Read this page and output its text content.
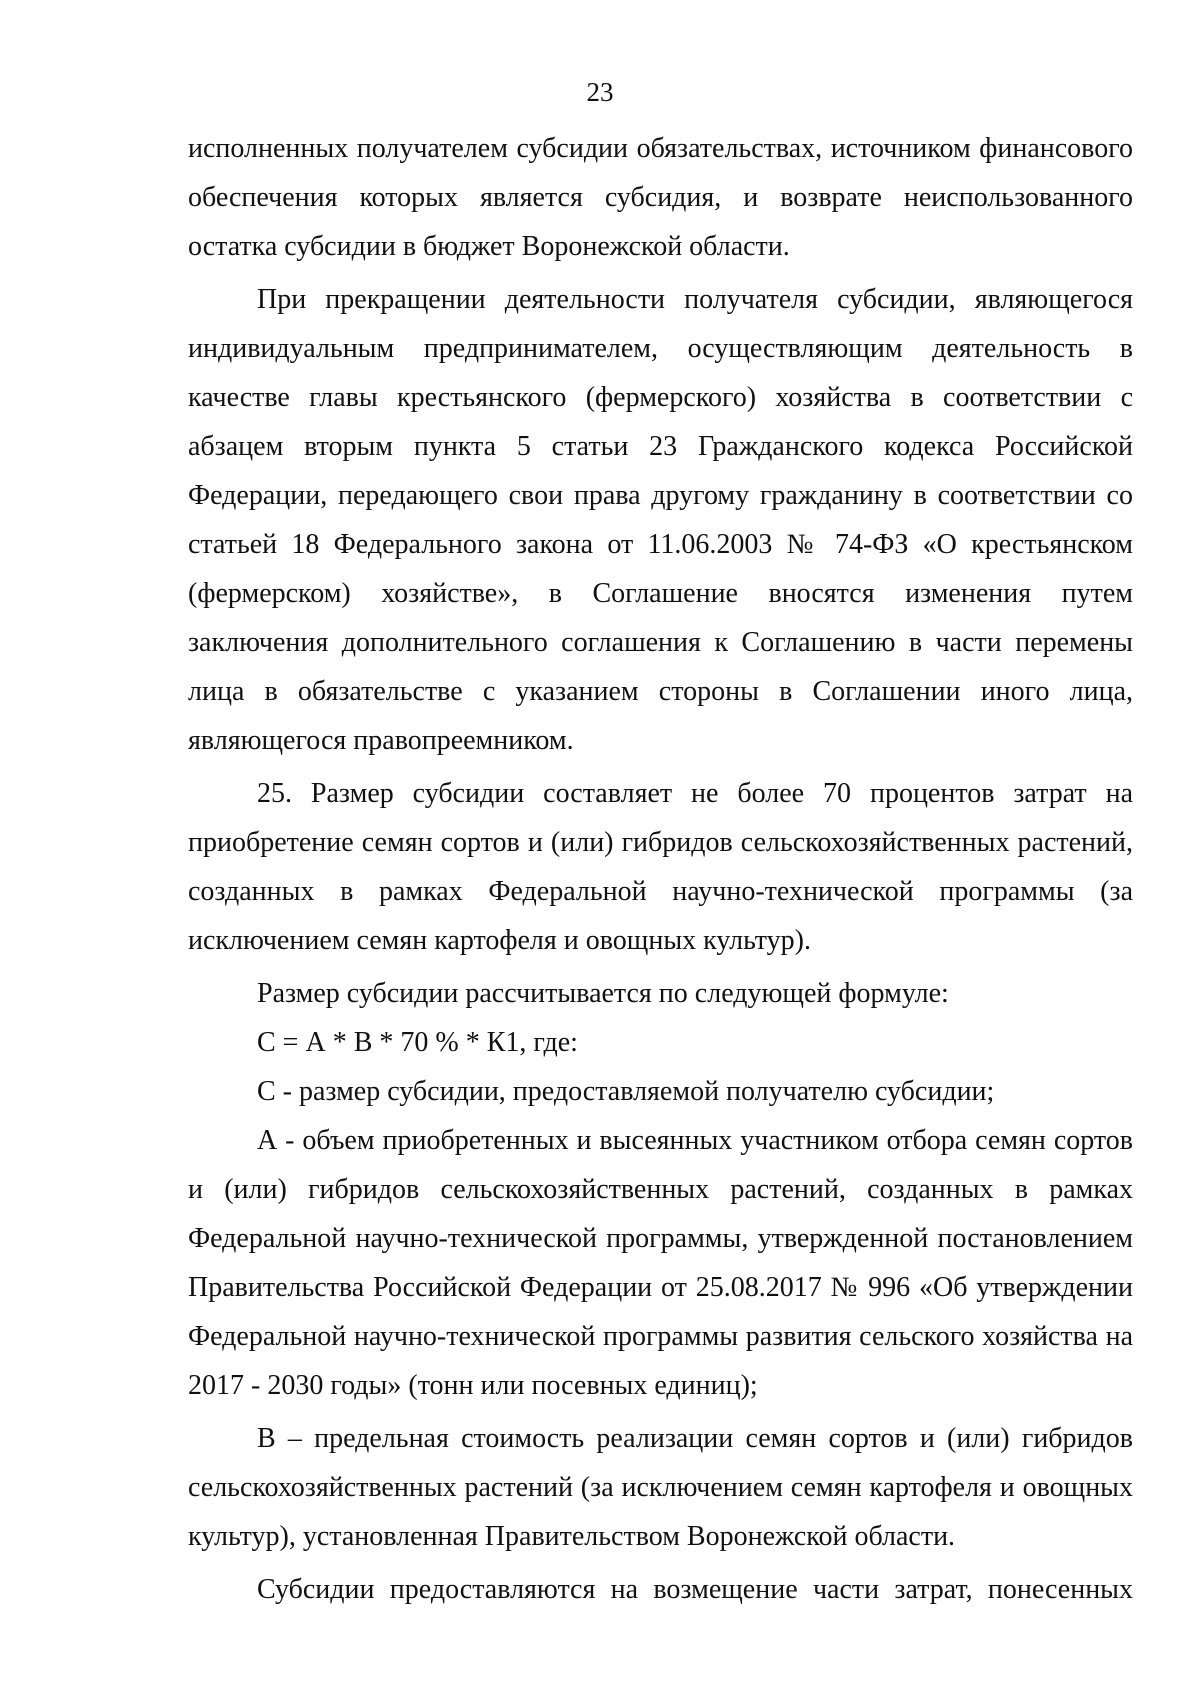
23

исполненных получателем субсидии обязательствах, источником финансового обеспечения которых является субсидия, и возврате неиспользованного остатка субсидии в бюджет Воронежской области.

При прекращении деятельности получателя субсидии, являющегося индивидуальным предпринимателем, осуществляющим деятельность в качестве главы крестьянского (фермерского) хозяйства в соответствии с абзацем вторым пункта 5 статьи 23 Гражданского кодекса Российской Федерации, передающего свои права другому гражданину в соответствии со статьей 18 Федерального закона от 11.06.2003 № 74-ФЗ «О крестьянском (фермерском) хозяйстве», в Соглашение вносятся изменения путем заключения дополнительного соглашения к Соглашению в части перемены лица в обязательстве с указанием стороны в Соглашении иного лица, являющегося правопреемником.

25. Размер субсидии составляет не более 70 процентов затрат на приобретение семян сортов и (или) гибридов сельскохозяйственных растений, созданных в рамках Федеральной научно-технической программы (за исключением семян картофеля и овощных культур).

Размер субсидии рассчитывается по следующей формуле:

С = А * В * 70 % * К1, где:

С - размер субсидии, предоставляемой получателю субсидии;

А - объем приобретенных и высеянных участником отбора семян сортов и (или) гибридов сельскохозяйственных растений, созданных в рамках Федеральной научно-технической программы, утвержденной постановлением Правительства Российской Федерации от 25.08.2017 № 996 «Об утверждении Федеральной научно-технической программы развития сельского хозяйства на 2017 - 2030 годы» (тонн или посевных единиц);

В – предельная стоимость реализации семян сортов и (или) гибридов сельскохозяйственных растений (за исключением семян картофеля и овощных культур), установленная Правительством Воронежской области.

Субсидии предоставляются на возмещение части затрат, понесенных
